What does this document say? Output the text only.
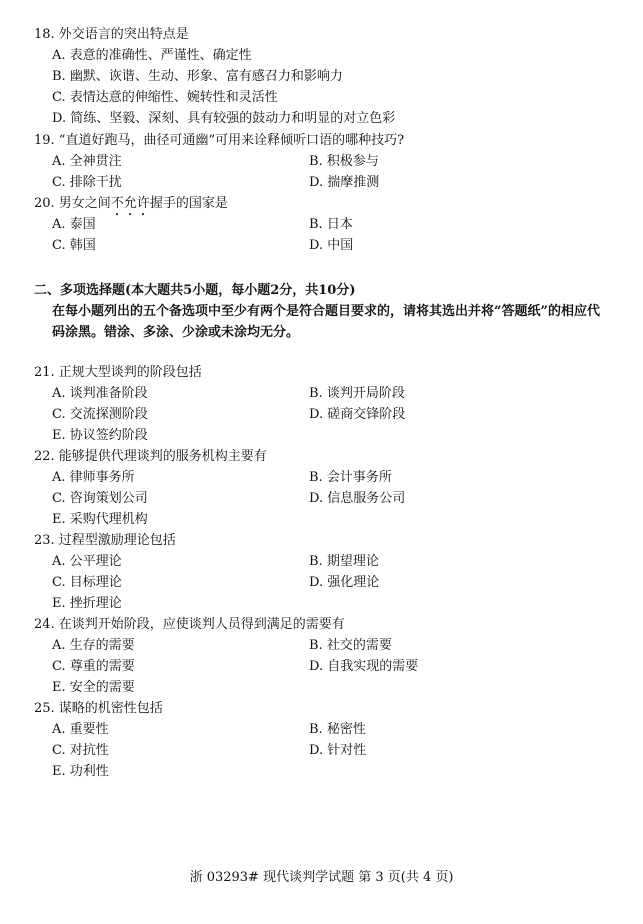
18. 外交语言的突出特点是
A. 表意的准确性、严谨性、确定性
B. 幽默、诙谐、生动、形象、富有感召力和影响力
C. 表情达意的伸缩性、婉转性和灵活性
D. 简练、坚毅、深刻、具有较强的鼓动力和明显的对立色彩
19. “直道好跑马，曲径可通幽”可用来诠释倾听口语的哪种技巧?
A. 全神贯注	B. 积极参与
C. 排除干扰	D. 揣摩推测
20. 男女之间不允许握手的国家是
A. 泰国	B. 日本
C. 韩国	D. 中国
二、多项选择题(本大题共5小题，每小题2分，共10分)
在每小题列出的五个备选项中至少有两个是符合题目要求的，请将其选出并将“答题纸”的相应代码涂黑。错涂、多涂、少涂或未涂均无分。
21. 正规大型谈判的阶段包括
A. 谈判准备阶段	B. 谈判开局阶段
C. 交流探测阶段	D. 磋商交锋阶段
E. 协议签约阶段
22. 能够提供代理谈判的服务机构主要有
A. 律师事务所	B. 会计事务所
C. 咨询策划公司	D. 信息服务公司
E. 采购代理机构
23. 过程型激励理论包括
A. 公平理论	B. 期望理论
C. 目标理论	D. 强化理论
E. 挫折理论
24. 在谈判开始阶段，应使谈判人员得到满足的需要有
A. 生存的需要	B. 社交的需要
C. 尊重的需要	D. 自我实现的需要
E. 安全的需要
25. 谋略的机密性包括
A. 重要性	B. 秘密性
C. 对抗性	D. 针对性
E. 功利性
浙 03293# 现代谈判学试题 第 3 页(共 4 页)
